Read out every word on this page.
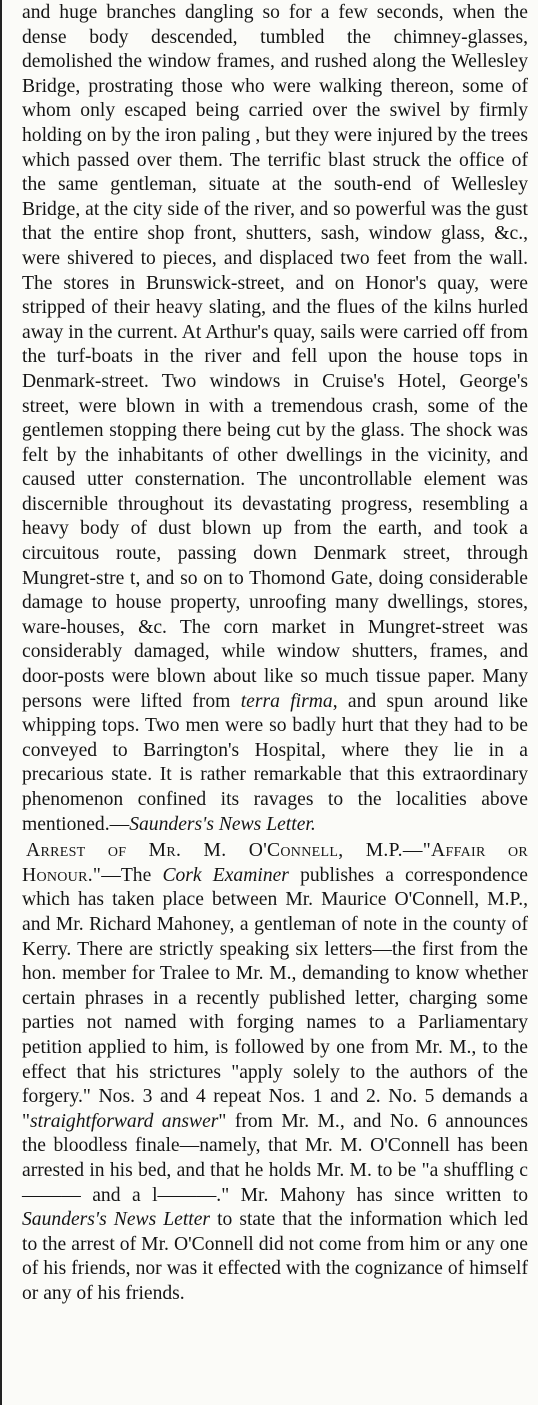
and huge branches dangling so for a few seconds, when the dense body descended, tumbled the chimney-glasses, demolished the window frames, and rushed along the Wellesley Bridge, prostrating those who were walking thereon, some of whom only escaped being carried over the swivel by firmly holding on by the iron paling , but they were injured by the trees which passed over them. The terrific blast struck the office of the same gentleman, situate at the south-end of Wellesley Bridge, at the city side of the river, and so powerful was the gust that the entire shop front, shutters, sash, window glass, &c., were shivered to pieces, and displaced two feet from the wall. The stores in Brunswick-street, and on Honor's quay, were stripped of their heavy slating, and the flues of the kilns hurled away in the current. At Arthur's quay, sails were carried off from the turf-boats in the river and fell upon the house tops in Denmark-street. Two windows in Cruise's Hotel, George's street, were blown in with a tremendous crash, some of the gentlemen stopping there being cut by the glass. The shock was felt by the inhabitants of other dwellings in the vicinity, and caused utter consternation. The uncontrollable element was discernible throughout its devastating progress, resembling a heavy body of dust blown up from the earth, and took a circuitous route, passing down Denmark street, through Mungret-stre t, and so on to Thomond Gate, doing considerable damage to house property, unroofing many dwellings, stores, ware-houses, &c. The corn market in Mungret-street was considerably damaged, while window shutters, frames, and door-posts were blown about like so much tissue paper. Many persons were lifted from terra firma, and spun around like whipping tops. Two men were so badly hurt that they had to be conveyed to Barrington's Hospital, where they lie in a precarious state. It is rather remarkable that this extraordinary phenomenon confined its ravages to the localities above mentioned.—Saunders's News Letter.

Arrest of Mr. M. O'Connell, M.P.—"Affair or Honour."—The Cork Examiner publishes a correspondence which has taken place between Mr. Maurice O'Connell, M.P., and Mr. Richard Mahoney, a gentleman of note in the county of Kerry. There are strictly speaking six letters—the first from the hon. member for Tralee to Mr. M., demanding to know whether certain phrases in a recently published letter, charging some parties not named with forging names to a Parliamentary petition applied to him, is followed by one from Mr. M., to the effect that his strictures "apply solely to the authors of the forgery." Nos. 3 and 4 repeat Nos. 1 and 2. No. 5 demands a "straightforward answer" from Mr. M., and No. 6 announces the bloodless finale—namely, that Mr. M. O'Connell has been arrested in his bed, and that he holds Mr. M. to be "a shuffling c——— and a l———." Mr. Mahony has since written to Saunders's News Letter to state that the information which led to the arrest of Mr. O'Connell did not come from him or any one of his friends, nor was it effected with the cognizance of himself or any of his friends.
